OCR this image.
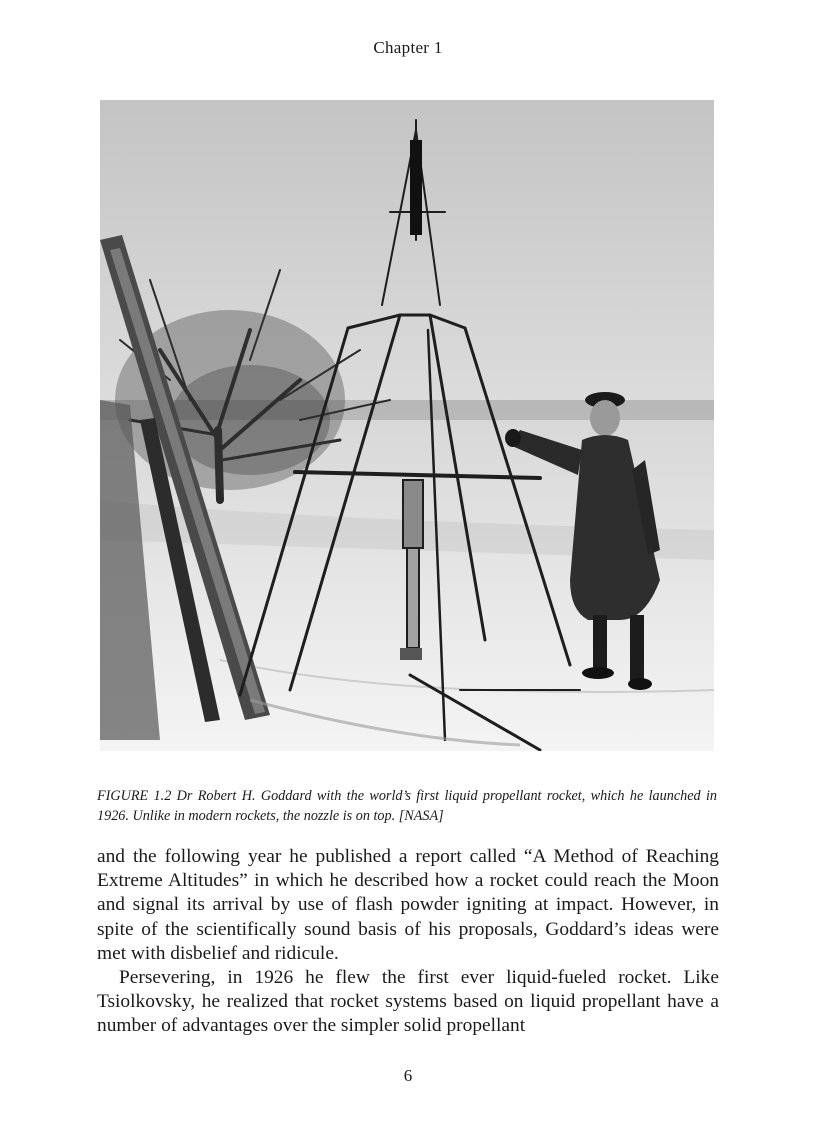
Chapter 1

FIGURE 1.2 Dr Robert H. Goddard with the world’s first liquid propellant rocket, which he launched in 1926. Unlike in modern rockets, the nozzle is on top. [NASA]

and the following year he published a report called “A Method of Reaching Extreme Altitudes” in which he described how a rocket could reach the Moon and signal its arrival by use of flash powder igniting at impact. However, in spite of the scientifically sound basis of his proposals, Goddard’s ideas were met with disbelief and ridicule.

Persevering, in 1926 he flew the first ever liquid-fueled rocket. Like Tsiolkovsky, he realized that rocket systems based on liquid propellant have a number of advantages over the simpler solid propellant

6
